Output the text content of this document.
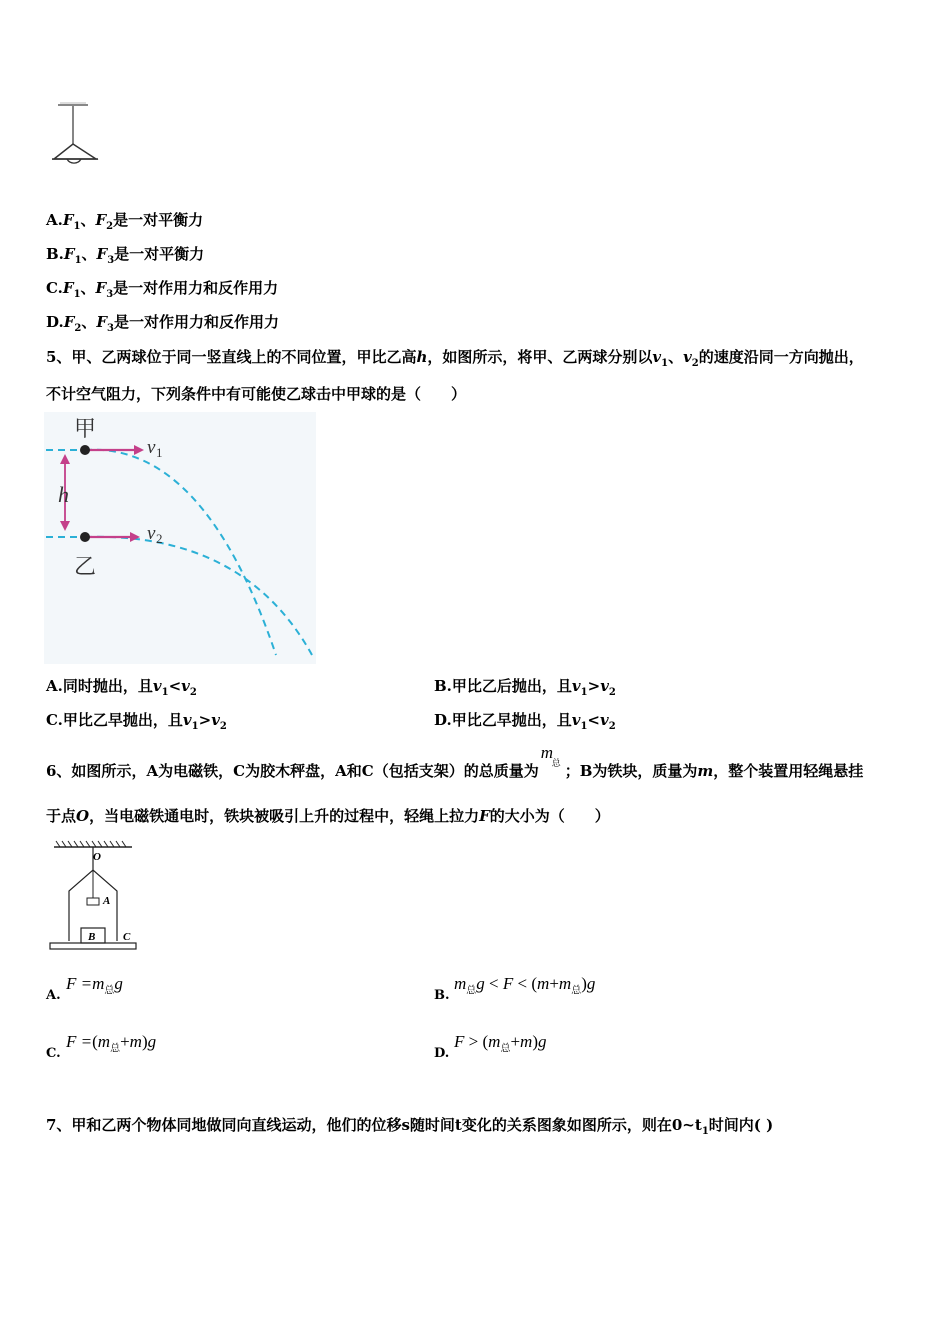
$A.F_1$、$F_2$是一对平衡力
$B.F_1$、$F_3$是一对平衡力
$C.F_1$、$F_3$是一对作用力和反作用力
$D.F_2$、$F_3$是一对作用力和反作用力
5、甲、乙两球位于同一竖直线上的不同位置，甲比乙高h，如图所示，将甲、乙两球分别以$v_1$、$v_2$的速度沿同一方向抛出，
不计空气阻力，下列条件中有可能使乙球击中甲球的是（　　）
甲
乙
h
v 1
v 2
A.同时抛出，且$v_1<v_2$	B.甲比乙后抛出，且$v_1>v_2$
C.甲比乙早抛出，且$v_1>v_2$	D.甲比乙早抛出，且$v_1<v_2$
6、如图所示，A为电磁铁，C为胶木秤盘，A和C（包括支架）的总质量为
m
总 ；B为铁块，质量为m，整个装置用轻绳悬挂
于点O，当电磁铁通电时，铁块被吸引上升的过程中，轻绳上拉力F的大小为（　　）
O
A
B	C
A.
$F =m_总g$
B.
$m_总g < F < (m+m_总)g$
C.
$F =(m_总+m)g$
D.
$F > (m_总+m)g$
7、甲和乙两个物体同地做同向直线运动，他们的位移s随时间t变化的关系图象如图所示，则在$0\sim t_1$时间内( )
